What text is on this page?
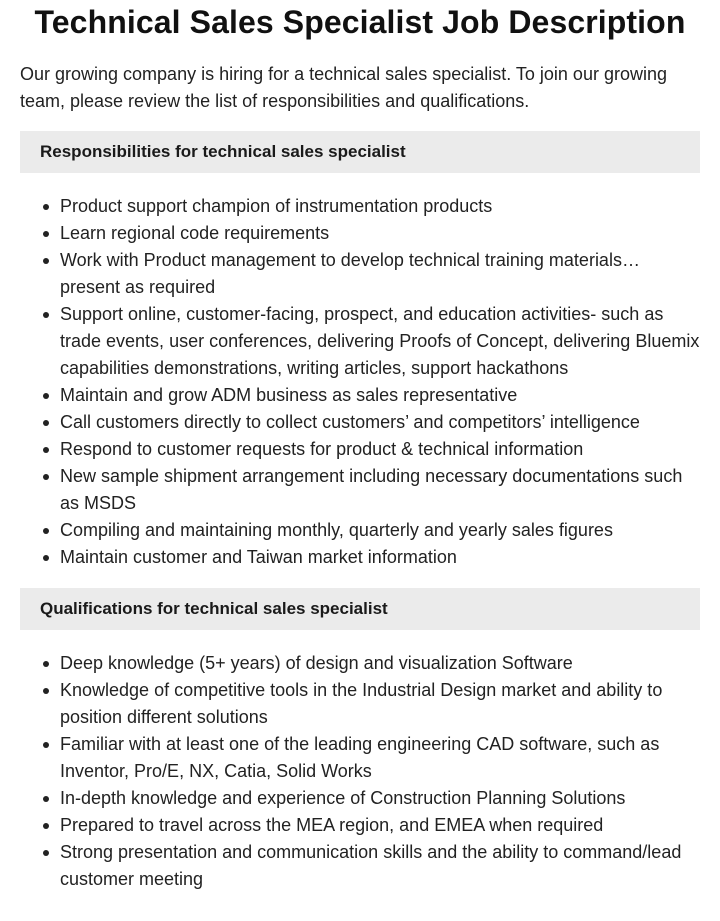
Technical Sales Specialist Job Description

Our growing company is hiring for a technical sales specialist. To join our growing team, please review the list of responsibilities and qualifications.

Responsibilities for technical sales specialist
Product support champion of instrumentation products
Learn regional code requirements
Work with Product management to develop technical training materials… present as required
Support online, customer-facing, prospect, and education activities- such as trade events, user conferences, delivering Proofs of Concept, delivering Bluemix capabilities demonstrations, writing articles, support hackathons
Maintain and grow ADM business as sales representative
Call customers directly to collect customers’ and competitors’ intelligence
Respond to customer requests for product & technical information
New sample shipment arrangement including necessary documentations such as MSDS
Compiling and maintaining monthly, quarterly and yearly sales figures
Maintain customer and Taiwan market information
Qualifications for technical sales specialist
Deep knowledge (5+ years) of design and visualization Software
Knowledge of competitive tools in the Industrial Design market and ability to position different solutions
Familiar with at least one of the leading engineering CAD software, such as Inventor, Pro/E, NX, Catia, Solid Works
In-depth knowledge and experience of Construction Planning Solutions
Prepared to travel across the MEA region, and EMEA when required
Strong presentation and communication skills and the ability to command/lead customer meeting
